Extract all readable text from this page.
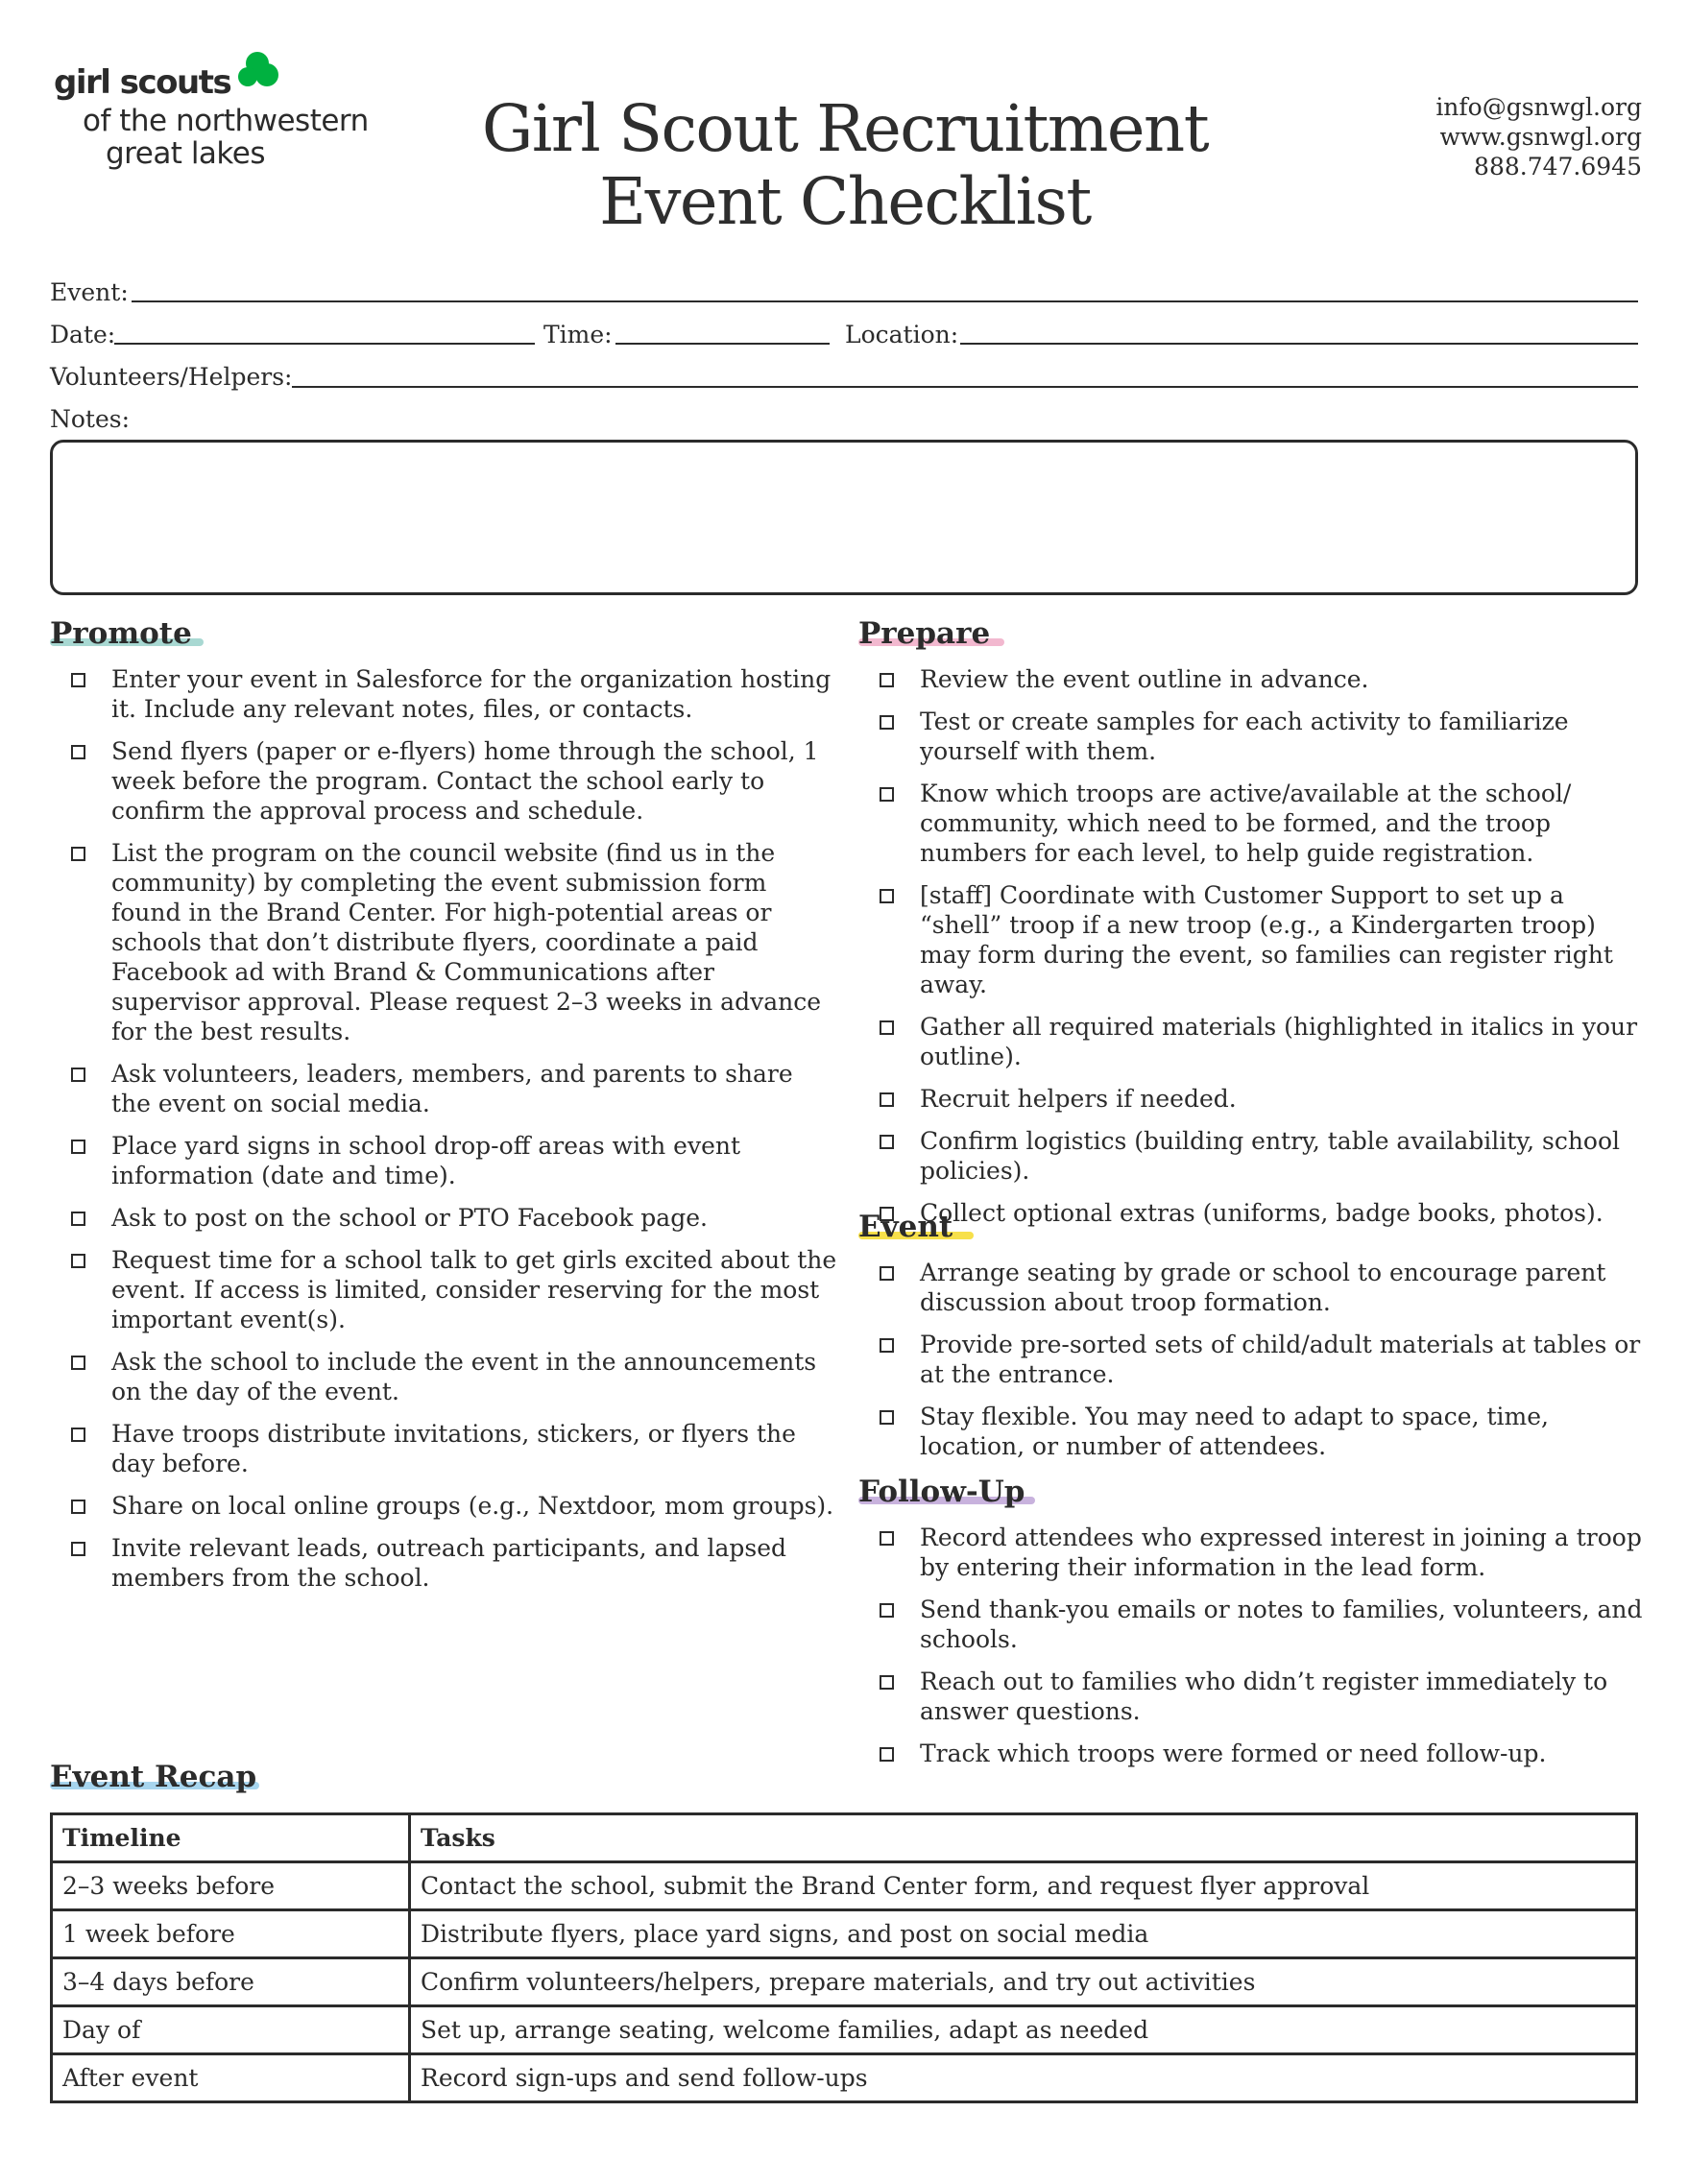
girl scouts
of the northwestern
great lakes	Girl Scout Recruitment
Event Checklist
info@gsnwgl.org
www.gsnwgl.org
888.747.6945
Event:
Date:	Time:	Location:
Volunteers/Helpers:
Notes:
Promote
Enter your event in Salesforce for the organization hosting it. Include any relevant notes, files, or contacts.
Send flyers (paper or e-flyers) home through the school, 1 week before the program. Contact the school early to confirm the approval process and schedule.
List the program on the council website (find us in the community) by completing the event submission form found in the Brand Center. For high-potential areas or schools that don’t distribute flyers, coordinate a paid Facebook ad with Brand & Communications after supervisor approval. Please request 2–3 weeks in advance for the best results.
Ask volunteers, leaders, members, and parents to share the event on social media.
Place yard signs in school drop-off areas with event information (date and time).
Ask to post on the school or PTO Facebook page.
Request time for a school talk to get girls excited about the event. If access is limited, consider reserving for the most important event(s).
Ask the school to include the event in the announcements on the day of the event.
Have troops distribute invitations, stickers, or flyers the day before.
Share on local online groups (e.g., Nextdoor, mom groups).
Invite relevant leads, outreach participants, and lapsed members from the school.
Prepare
Review the event outline in advance.
Test or create samples for each activity to familiarize yourself with them.
Know which troops are active/available at the school/ community, which need to be formed, and the troop numbers for each level, to help guide registration.
[staff] Coordinate with Customer Support to set up a “shell” troop if a new troop (e.g., a Kindergarten troop) may form during the event, so families can register right away.
Gather all required materials (highlighted in italics in your outline).
Recruit helpers if needed.
Confirm logistics (building entry, table availability, school policies).
Collect optional extras (uniforms, badge books, photos).
Event
Arrange seating by grade or school to encourage parent discussion about troop formation.
Provide pre-sorted sets of child/adult materials at tables or at the entrance.
Stay flexible. You may need to adapt to space, time, location, or number of attendees.
Follow-Up
Record attendees who expressed interest in joining a troop by entering their information in the lead form.
Send thank-you emails or notes to families, volunteers, and schools.
Reach out to families who didn’t register immediately to answer questions.
Track which troops were formed or need follow-up.
Event Recap
Timeline	Tasks
2–3 weeks before	Contact the school, submit the Brand Center form, and request flyer approval
1 week before	Distribute flyers, place yard signs, and post on social media
3–4 days before	Confirm volunteers/helpers, prepare materials, and try out activities
Day of	Set up, arrange seating, welcome families, adapt as needed
After event	Record sign-ups and send follow-ups
